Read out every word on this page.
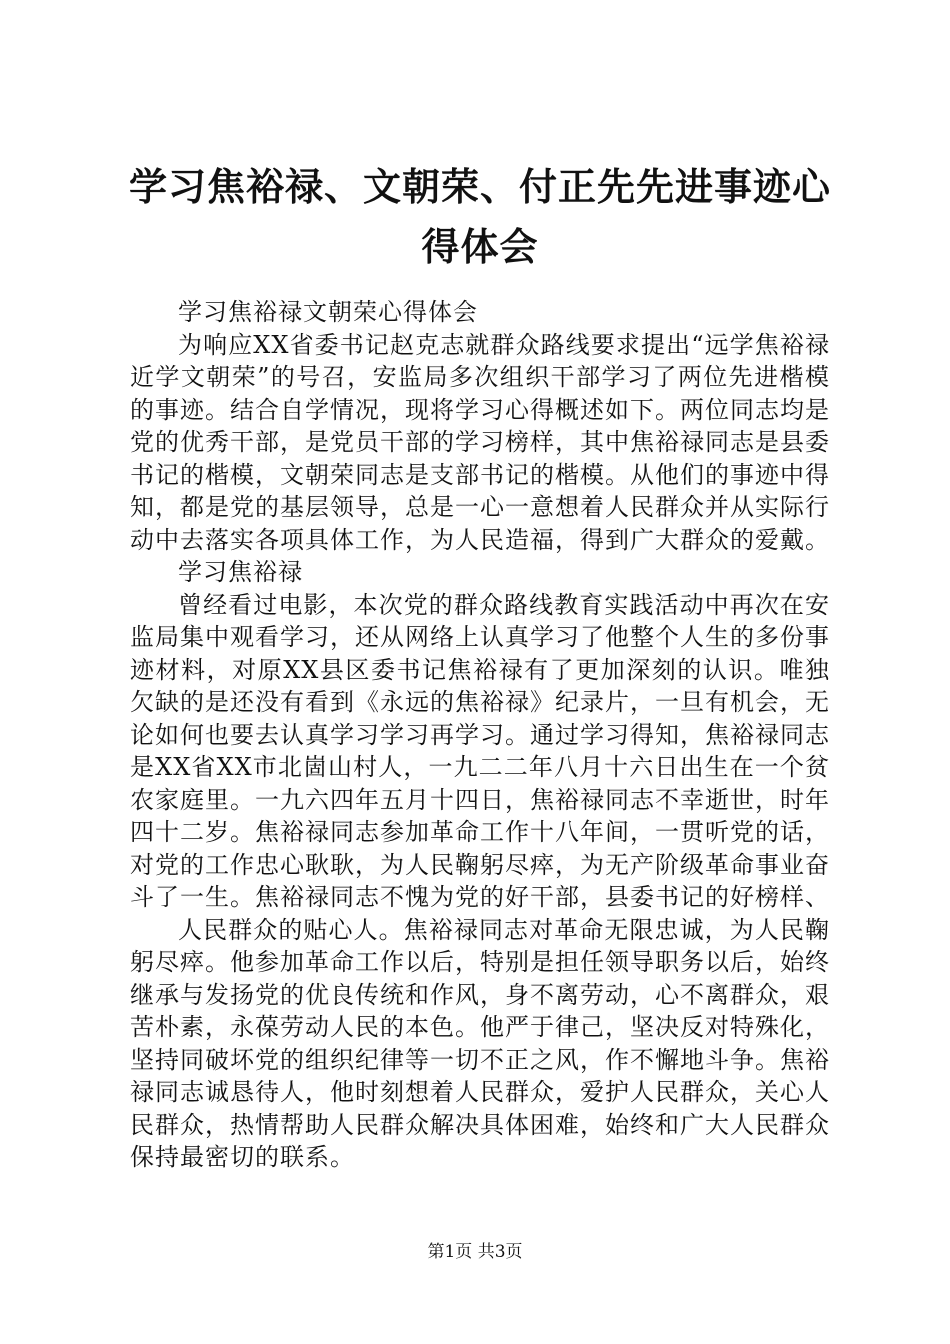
学习焦裕禄、文朝荣、付正先先进事迹心得体会

学习焦裕禄文朝荣心得体会

为响应XX省委书记赵克志就群众路线要求提出“远学焦裕禄近学文朝荣”的号召，安监局多次组织干部学习了两位先进楷模的事迹。结合自学情况，现将学习心得概述如下。两位同志均是党的优秀干部，是党员干部的学习榜样，其中焦裕禄同志是县委书记的楷模，文朝荣同志是支部书记的楷模。从他们的事迹中得知，都是党的基层领导，总是一心一意想着人民群众并从实际行动中去落实各项具体工作，为人民造福，得到广大群众的爱戴。

学习焦裕禄

曾经看过电影，本次党的群众路线教育实践活动中再次在安监局集中观看学习，还从网络上认真学习了他整个人生的多份事迹材料，对原XX县区委书记焦裕禄有了更加深刻的认识。唯独欠缺的是还没有看到《永远的焦裕禄》纪录片，一旦有机会，无论如何也要去认真学习学习再学习。通过学习得知，焦裕禄同志是XX省XX市北崮山村人，一九二二年八月十六日出生在一个贫农家庭里。一九六四年五月十四日，焦裕禄同志不幸逝世，时年四十二岁。焦裕禄同志参加革命工作十八年间，一贯听党的话，对党的工作忠心耿耿，为人民鞠躬尽瘁，为无产阶级革命事业奋斗了一生。焦裕禄同志不愧为党的好干部，县委书记的好榜样、

人民群众的贴心人。焦裕禄同志对革命无限忠诚，为人民鞠躬尽瘁。他参加革命工作以后，特别是担任领导职务以后，始终继承与发扬党的优良传统和作风，身不离劳动，心不离群众，艰苦朴素，永葆劳动人民的本色。他严于律己，坚决反对特殊化，坚持同破坏党的组织纪律等一切不正之风，作不懈地斗争。焦裕禄同志诚恳待人，他时刻想着人民群众，爱护人民群众，关心人民群众，热情帮助人民群众解决具体困难，始终和广大人民群众保持最密切的联系。

第1页 共3页
